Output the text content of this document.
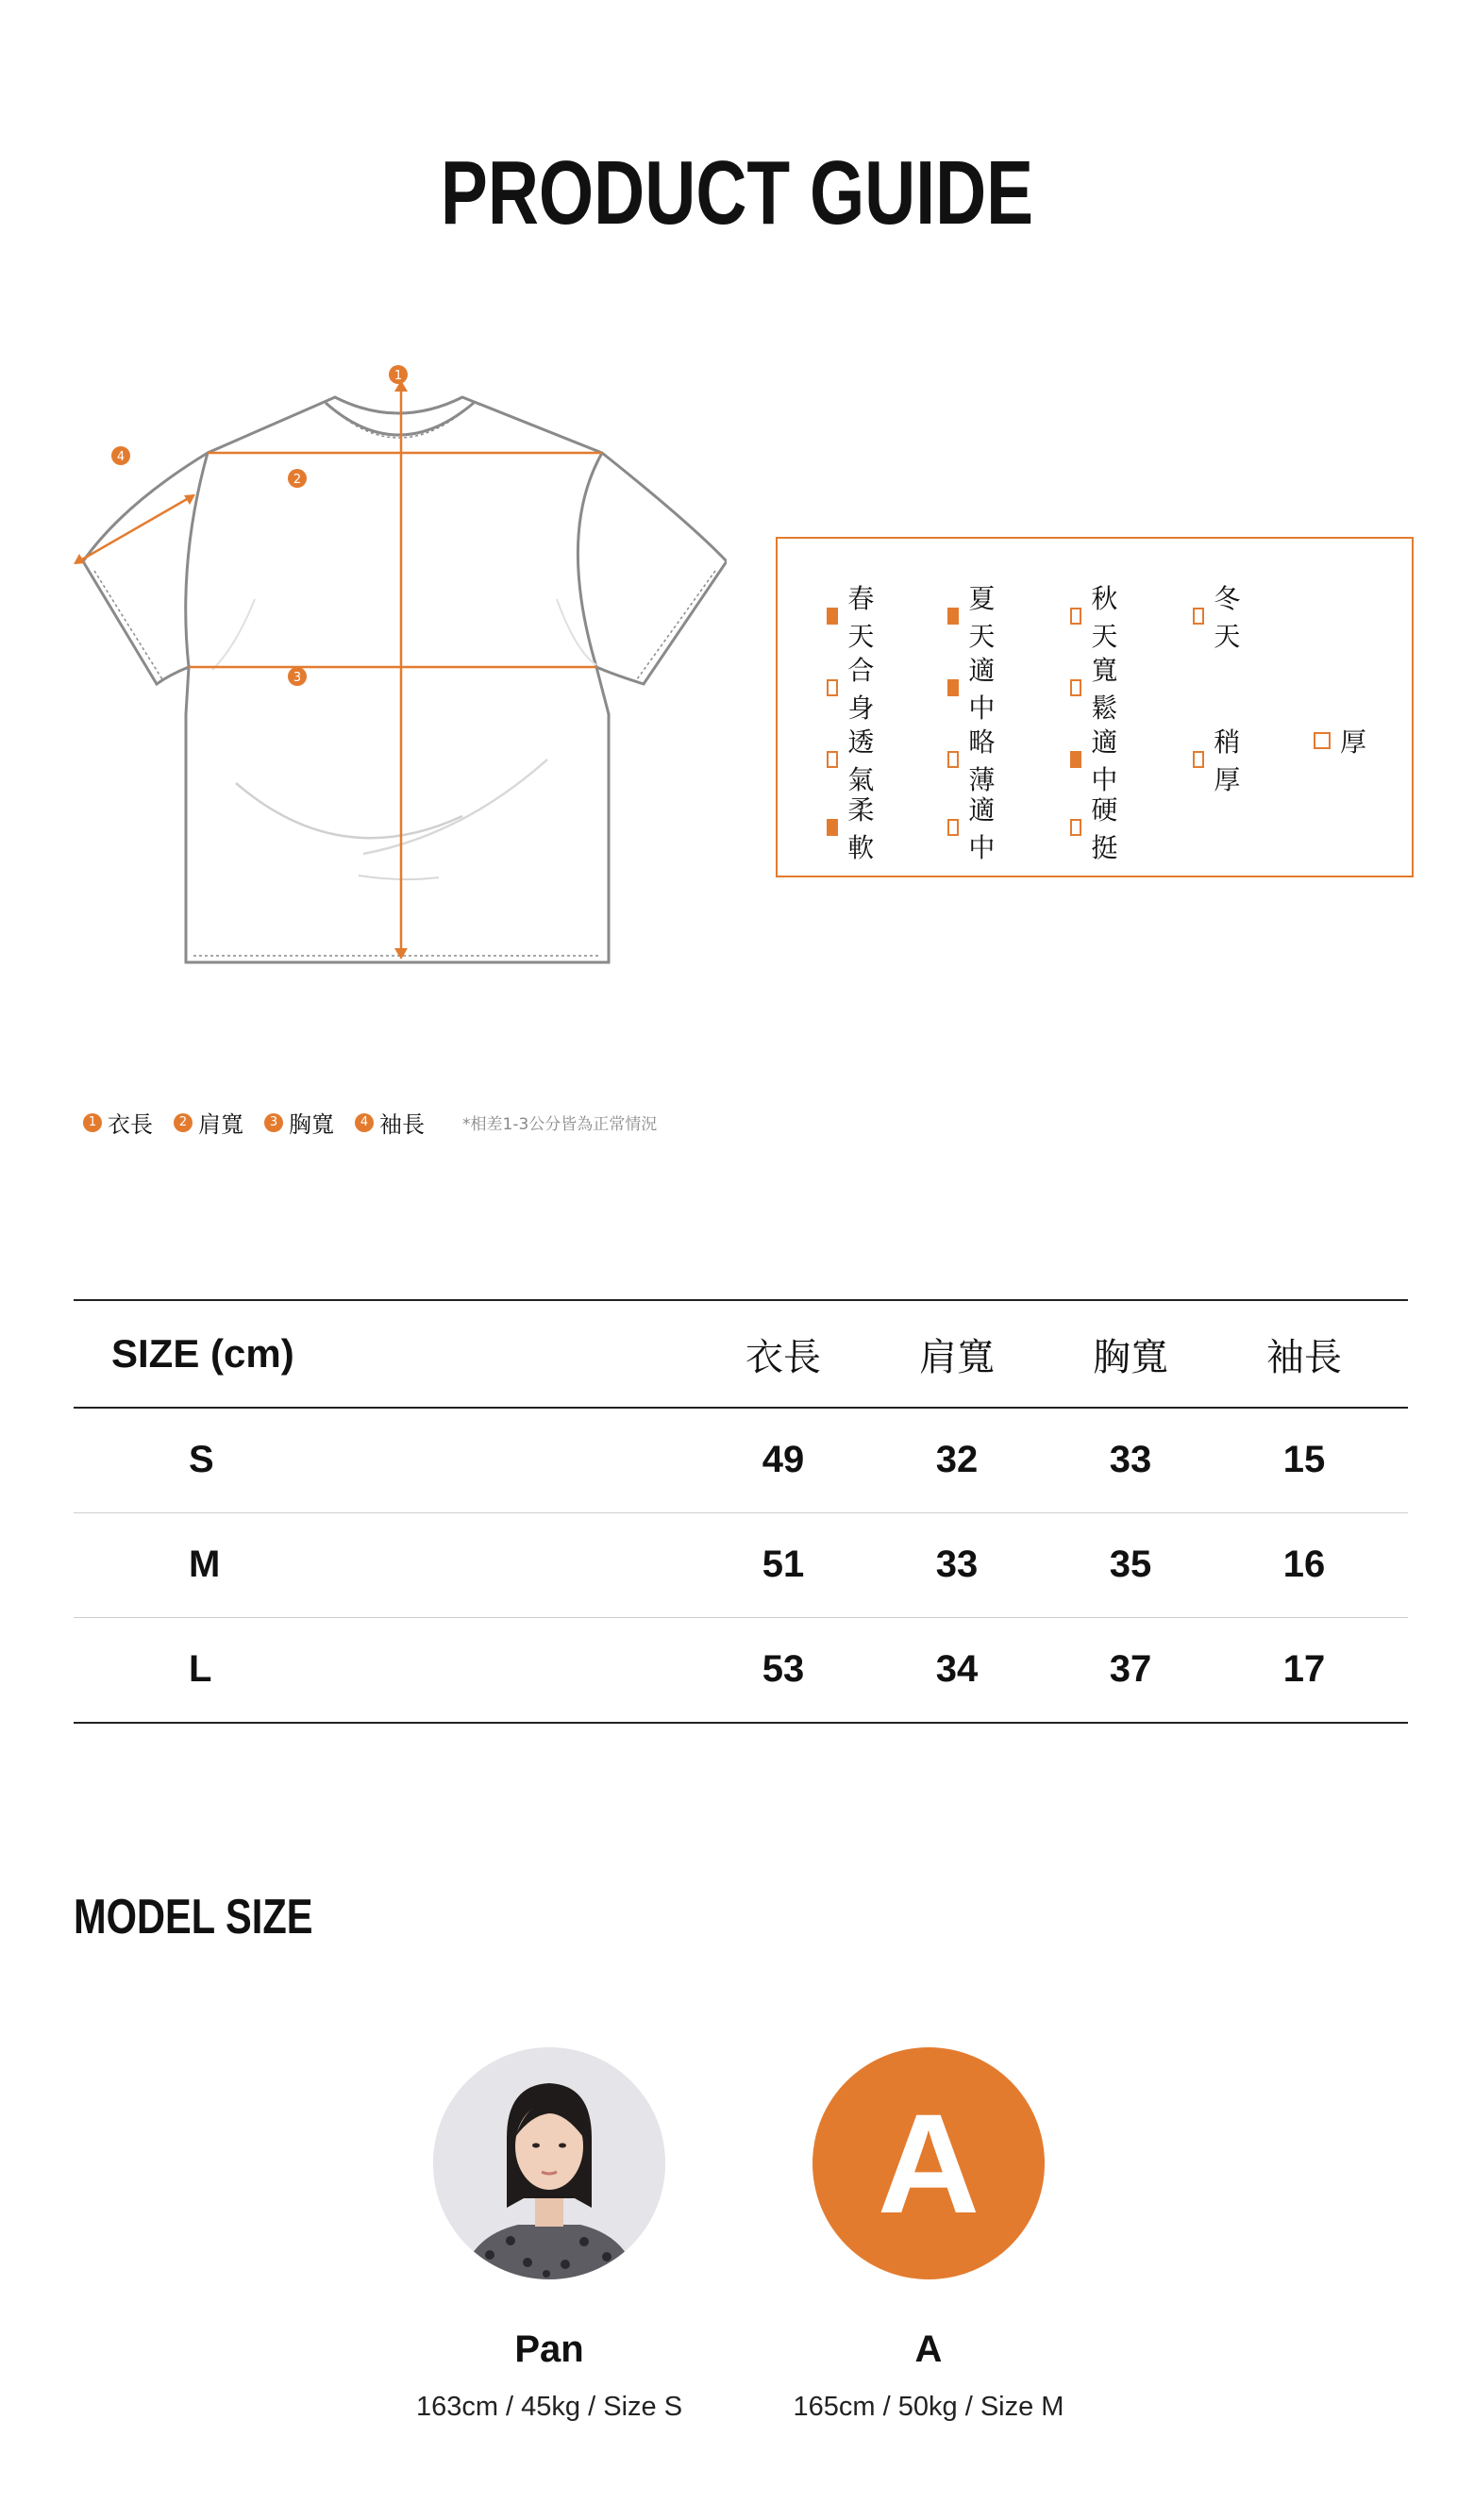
PRODUCT GUIDE
1
2
3
4
春天
夏天
秋天
冬天
合身
適中
寬鬆
透氣
略薄
適中
稍厚
厚
柔軟
適中
硬挺
1 衣長	2 肩寬	3 胸寬	4 袖長 *相差1-3公分皆為正常情況
SIZE (cm)	衣長	肩寬	胸寬	袖長	
S	49	32	33	15	
M	51	33	35	16	
L	53	34	37	17	
MODEL SIZE
Pan
163cm / 45kg / Size S
A
A
165cm / 50kg / Size M
